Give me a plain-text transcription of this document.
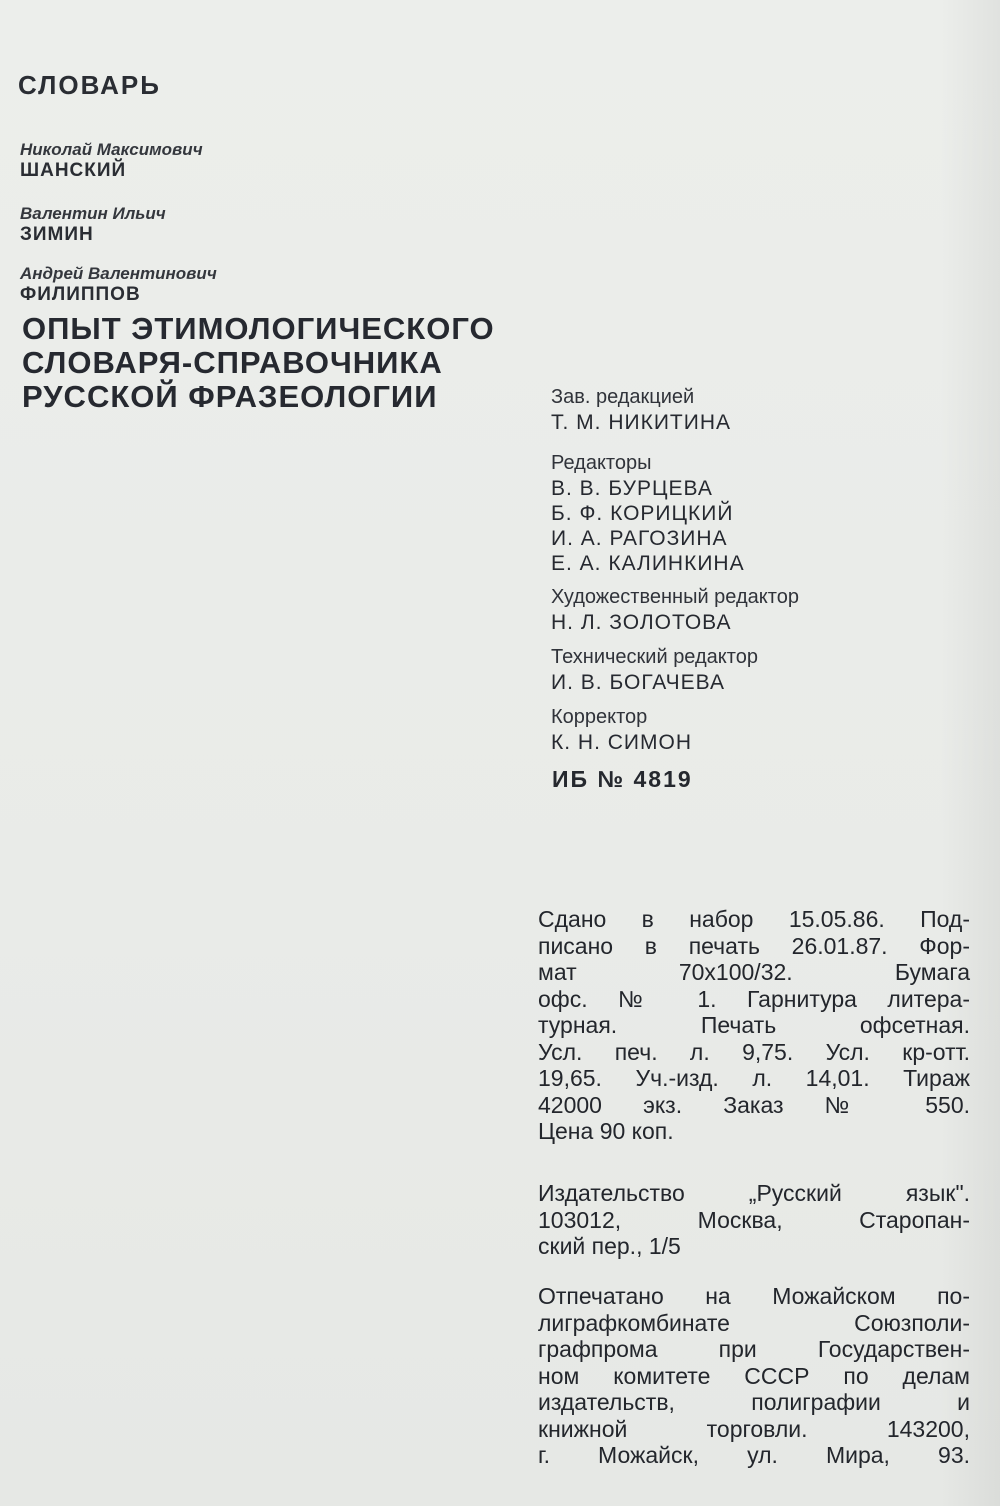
СЛОВАРЬ
Николай Максимович
ШАНСКИЙ
Валентин Ильич
ЗИМИН
Андрей Валентинович
ФИЛИППОВ
ОПЫТ ЭТИМОЛОГИЧЕСКОГО
СЛОВАРЯ-СПРАВОЧНИКА
РУССКОЙ ФРАЗЕОЛОГИИ	Зав. редакцией
Т. М. НИКИТИНА
Редакторы
В. В. БУРЦЕВА
Б. Ф. КОРИЦКИЙ
И. А. РАГОЗИНА
Е. А. КАЛИНКИНА
Художественный редактор
Н. Л. ЗОЛОТОВА
Технический редактор
И. В. БОГАЧЕВА
Корректор
К. Н. СИМОН
ИБ № 4819
Сдано в набор 15.05.86. Под-
писано в печать 26.01.87. Фор-
мат 70x100/32. Бумага
офс. № 1. Гарнитура литера-
турная. Печать офсетная.
Усл. печ. л. 9,75. Усл. кр-отт.
19,65. Уч.-изд. л. 14,01. Тираж
42000 экз. Заказ № 550.
Цена 90 коп.
Издательство „Русский язык".
103012, Москва, Старопан-
ский пер., 1/5
Отпечатано на Можайском по-
лиграфкомбинате Союзполи-
графпрома при Государствен-
ном комитете СССР по делам
издательств, полиграфии и
книжной торговли. 143200,
г. Можайск, ул. Мира, 93.
